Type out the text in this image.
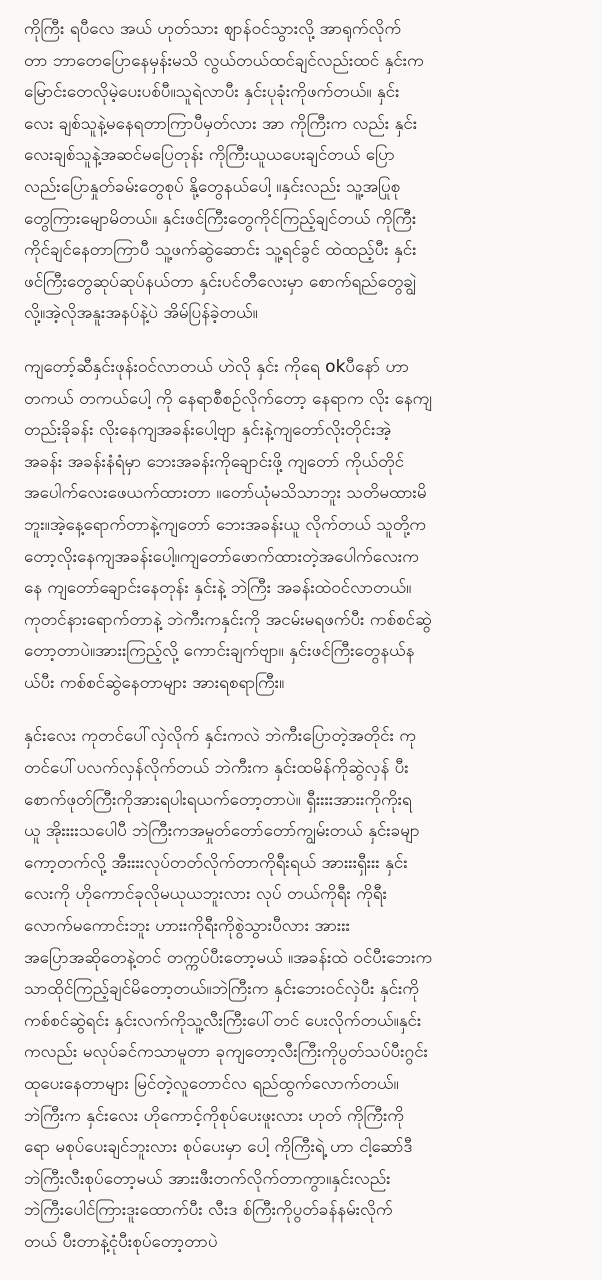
ကိုကြီး ရပီလေ အယ် ဟုတ်သား ဈာန်ဝင်သွားလို့ အာရုက်လိုက်
တာ ဘာတေပြောနေမှန်းမသိ လွယ်တယ်ထင်ချင်လည်းထင် နှင်းက
မြောင်းတေလိုမဲ့ပေးပစ်ပီ။သူရဲလာပီး နှင်းပုခုံးကိုဖက်တယ်။ နှင်း
လေး ချစ်သူနဲ့မနေရတာကြာပီမှတ်လား အာ ကိုကြီးက လည်း နှင်း
လေးချစ်သူနဲ့အဆင်မပြေတုန်း ကိုကြီးယူယပေးချင်တယ် ပြော
လည်းပြောနှုတ်ခမ်းတွေစုပ် နို့တွေနယ်ပေါ့ ။နှင်းလည်း သူ့အပြုစု
တွေကြားမျောမိတယ်။ နှင်းဖင်ကြီးတွေကိုင်ကြည့်ချင်တယ် ကိုကြီး
ကိုင်ချင်နေတာကြာပီ သူ့ဖက်ဆွဲဆောင်း သူ့ရင်ခွင် ထဲထည့်ပီး နှင်း
ဖင်ကြီးတွေဆုပ်ဆုပ်နယ်တာ နှင်းပင်တီလေးမှာ စောက်ရည်တွေချွဲ
လို့။အဲ့လိုအနူးအနပ်နဲ့ပဲ အိမ်ပြန်ခဲ့တယ်။

ကျတော့်ဆီနှင်းဖုန်းဝင်လာတယ် ဟဲလို နှင်း ကိုရေ okပီနော် ဟာ
တကယ် တကယ်ပေါ့ ကို နေရာစီစဉ်လိုက်တော့ နေရာက လိုး နေကျ
တည်းခိုခန်း လိုးနေကျအခန်းပေါ့ဗျာ နှင်းနဲ့ကျတော်လိုးတိုင်းအဲ့
အခန်း အခန်းနံရံမှာ ဘေးအခန်းကိုချောင်းဖို့ ကျတော် ကိုယ်တိုင်
အပေါက်လေးဖေယက်ထားတာ ။တော်ယုံမသိသာဘူး သတိမထားမိ
ဘူး။အဲ့နေ့ရောက်တာနဲ့ကျတော် ဘေးအခန်းယူ လိုက်တယ် သူတို့က
တော့လိုးနေကျအခန်းပေါ့။ကျတော်ဖောက်ထားတဲ့အပေါက်လေးက
နေ ကျတော်ချောင်းနေတုန်း နှင်းနဲ့ ဘဲကြီး အခန်းထဲဝင်လာတယ်။
ကုတင်နားရောက်တာနဲ့ ဘဲကီးကနှင်းကို အငမ်းမရဖက်ပီး ကစ်စင်ဆွဲ
တော့တာပဲ။အားးကြည့်လို့ ကောင်းချက်ဗျာ။ နှင်းဖင်ကြီးတွေနယ်န
ယ်ပီး ကစ်စင်ဆွဲနေတာများ အားရစရာကြီး။

နှင်းလေး ကုတင်ပေါ်လှဲလိုက် နှင်းကလဲ ဘဲကီးပြောတဲ့အတိုင်း ကု
တင်ပေါ်ပလက်လှန်လိုက်တယ် ဘဲကီးက နှင်းထမိန်ကိုဆွဲလှန် ပီး
စောက်ဖုတ်ကြီးကိုအားရပါးရယက်တော့တာပဲ။ ရှီးးးးအားးကိုကိုးရ
ယူ အိုးးးးသပေါပီ ဘဲကြီးကအမှုတ်တော်တော်ကျွမ်းတယ် နှင်းခမျာ
ကော့တက်လို့ အီးးးးလုပ်တတ်လိုက်တာကိုရီးရယ် အားးးရှီးးး နှင်း
လေးကို ဟိုကောင်ခုလိုမယုယဘူးလား လုပ် တယ်ကိုရီး ကိုရီး
လောက်မကောင်းဘူး ဟားးကိုရီးကိုစွဲသွားပီလား အားးး
အပြောအဆိုတေနဲ့တင် တက္ကပ်ပီးတော့မယ် ။အခန်းထဲ ဝင်ပီးဘေးက
သာထိုင်ကြည့်ချင်မိတော့တယ်။ဘဲကြီးက နှင်းဘေးဝင်လှဲပီး နှင်းကို
ကစ်စင်ဆွဲရင်း နှင်းလက်ကိုသူ့လီးကြီးပေါ်တင် ပေးလိုက်တယ်။နှင်း
ကလည်း မလုပ်ခင်ကသာမူတာ ခုကျတော့လီးကြီးကိုပွတ်သပ်ပီးဂွင်း
ထုပေးနေတာများ မြင်တဲ့လူတောင်လ ရည်ထွက်လောက်တယ်။
ဘဲကြီးက နှင်းလေး ဟိုကောင့်ကိုစုပ်ပေးဖူးလား ဟုတ် ကိုကြီးကို
ရော မစုပ်ပေးချင်ဘူးလား စုပ်ပေးမှာ ပေါ့ ကိုကြီးရဲ့ ဟာ ငါ့ဆော်ဒီ
ဘဲကြီးလီးစုပ်တော့မယ် အားးဖီးတက်လိုက်တာကွာ။နှင်းလည်း
ဘဲကြီးပေါင်ကြားဒူးထောက်ပီး လီးဒ စ်ကြီးကိုပွတ်ခန်နမ်းလိုက်
တယ် ပီးတာနဲ့ငုံပီးစုပ်တော့တာပဲ
